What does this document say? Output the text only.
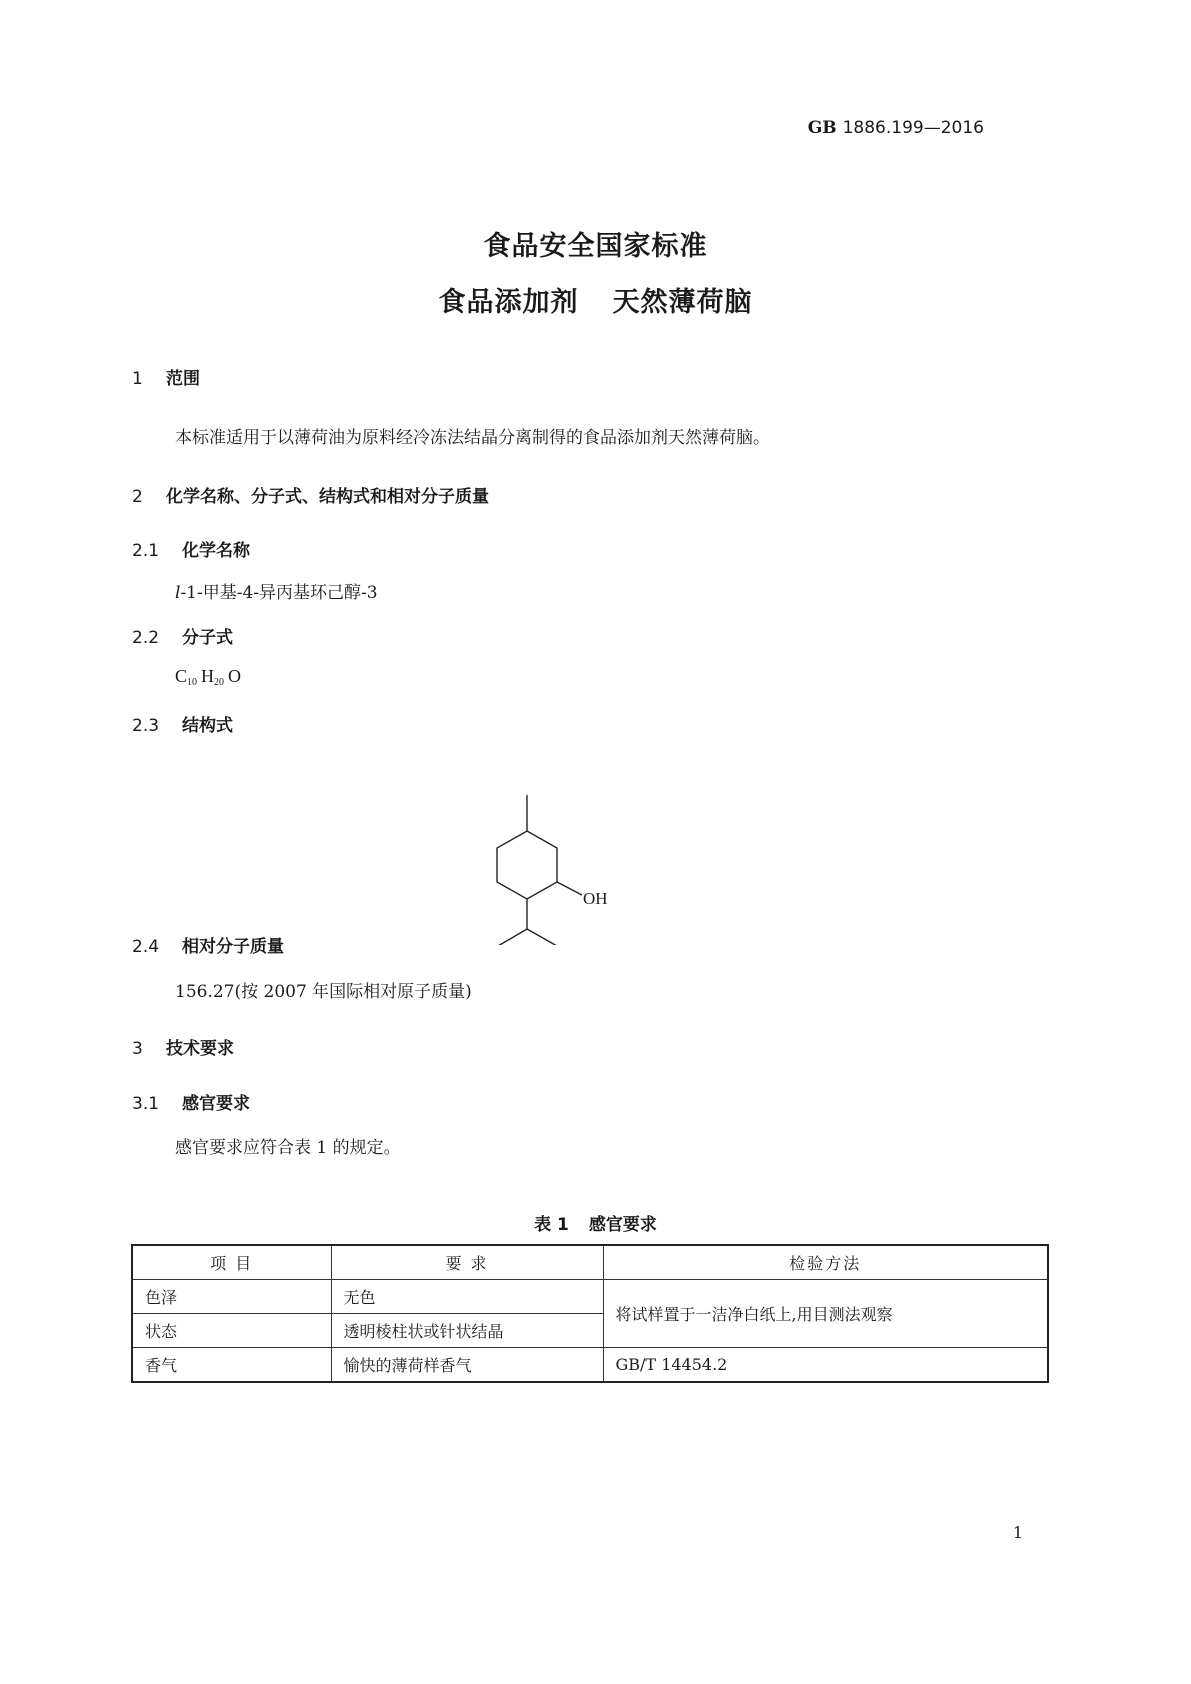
GB 1886.199—2016
食品安全国家标准
食品添加剂 天然薄荷脑
1 范围
本标准适用于以薄荷油为原料经冷冻法结晶分离制得的食品添加剂天然薄荷脑。
2 化学名称、分子式、结构式和相对分子质量
2.1 化学名称
l-1-甲基-4-异丙基环己醇-3
2.2 分子式
$C_{10}$ $H_{20}$ O
2.3 结构式
OH
2.4 相对分子质量
156.27(按 2007 年国际相对原子质量)
3 技术要求
3.1 感官要求
感官要求应符合表 1 的规定。
表 1 感官要求
项 目	要 求	检验方法
色泽	无色	将试样置于一洁净白纸上,用目测法观察
状态	透明棱柱状或针状结晶	
香气	愉快的薄荷样香气	GB/T 14454.2
1
